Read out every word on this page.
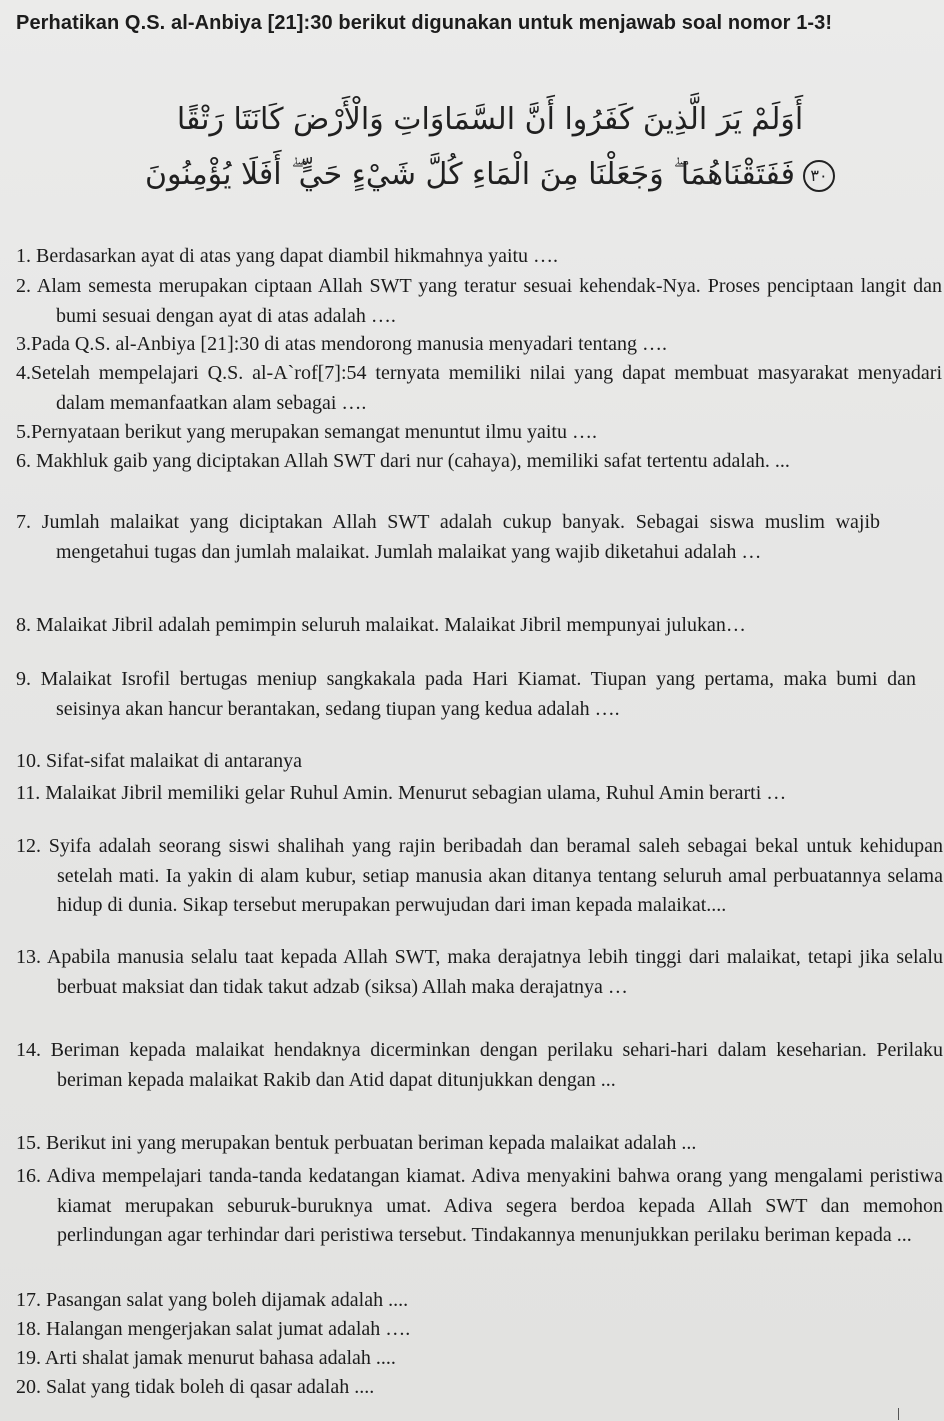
Perhatikan Q.S. al-Anbiya [21]:30 berikut digunakan untuk menjawab soal nomor 1-3!
أَوَلَمْ يَرَ الَّذِينَ كَفَرُوا أَنَّ السَّمَاوَاتِ وَالْأَرْضَ كَانَتَا رَتْقًا
٣٠فَفَتَقْنَاهُمَا ۖ وَجَعَلْنَا مِنَ الْمَاءِ كُلَّ شَيْءٍ حَيٍّ ۖ أَفَلَا يُؤْمِنُونَ
1. Berdasarkan ayat di atas yang dapat diambil hikmahnya yaitu ….
2. Alam semesta merupakan ciptaan Allah SWT yang teratur sesuai kehendak-Nya. Proses penciptaan langit dan bumi sesuai dengan ayat di atas adalah ….
3.Pada Q.S. al-Anbiya [21]:30 di atas mendorong manusia menyadari tentang ….
4.Setelah mempelajari Q.S. al-A`rof[7]:54 ternyata memiliki nilai yang dapat membuat masyarakat menyadari dalam memanfaatkan alam sebagai ….
5.Pernyataan berikut yang merupakan semangat menuntut ilmu yaitu ….
6. Makhluk gaib yang diciptakan Allah SWT dari nur (cahaya), memiliki safat tertentu adalah. ...
7. Jumlah malaikat yang diciptakan Allah SWT adalah cukup banyak. Sebagai siswa muslim wajib mengetahui tugas dan jumlah malaikat. Jumlah malaikat yang wajib diketahui adalah …
8. Malaikat Jibril adalah pemimpin seluruh malaikat. Malaikat Jibril mempunyai julukan…
9. Malaikat Isrofil bertugas meniup sangkakala pada Hari Kiamat. Tiupan yang pertama, maka bumi dan seisinya akan hancur berantakan, sedang tiupan yang kedua adalah ….
10. Sifat-sifat malaikat di antaranya
11. Malaikat Jibril memiliki gelar Ruhul Amin. Menurut sebagian ulama, Ruhul Amin berarti …
12. Syifa adalah seorang siswi shalihah yang rajin beribadah dan beramal saleh sebagai bekal untuk kehidupan setelah mati. Ia yakin di alam kubur, setiap manusia akan ditanya tentang seluruh amal perbuatannya selama hidup di dunia. Sikap tersebut merupakan perwujudan dari iman kepada malaikat....
13. Apabila manusia selalu taat kepada Allah SWT, maka derajatnya lebih tinggi dari malaikat, tetapi jika selalu berbuat maksiat dan tidak takut adzab (siksa) Allah maka derajatnya …
14. Beriman kepada malaikat hendaknya dicerminkan dengan perilaku sehari-hari dalam keseharian. Perilaku beriman kepada malaikat Rakib dan Atid dapat ditunjukkan dengan ...
15. Berikut ini yang merupakan bentuk perbuatan beriman kepada malaikat adalah ...
16. Adiva mempelajari tanda-tanda kedatangan kiamat. Adiva menyakini bahwa orang yang mengalami peristiwa kiamat merupakan seburuk-buruknya umat. Adiva segera berdoa kepada Allah SWT dan memohon perlindungan agar terhindar dari peristiwa tersebut. Tindakannya menunjukkan perilaku beriman kepada ...
17. Pasangan salat yang boleh dijamak adalah ....
18. Halangan mengerjakan salat jumat adalah ….
19. Arti shalat jamak menurut bahasa adalah ....
20. Salat yang tidak boleh di qasar adalah ....
